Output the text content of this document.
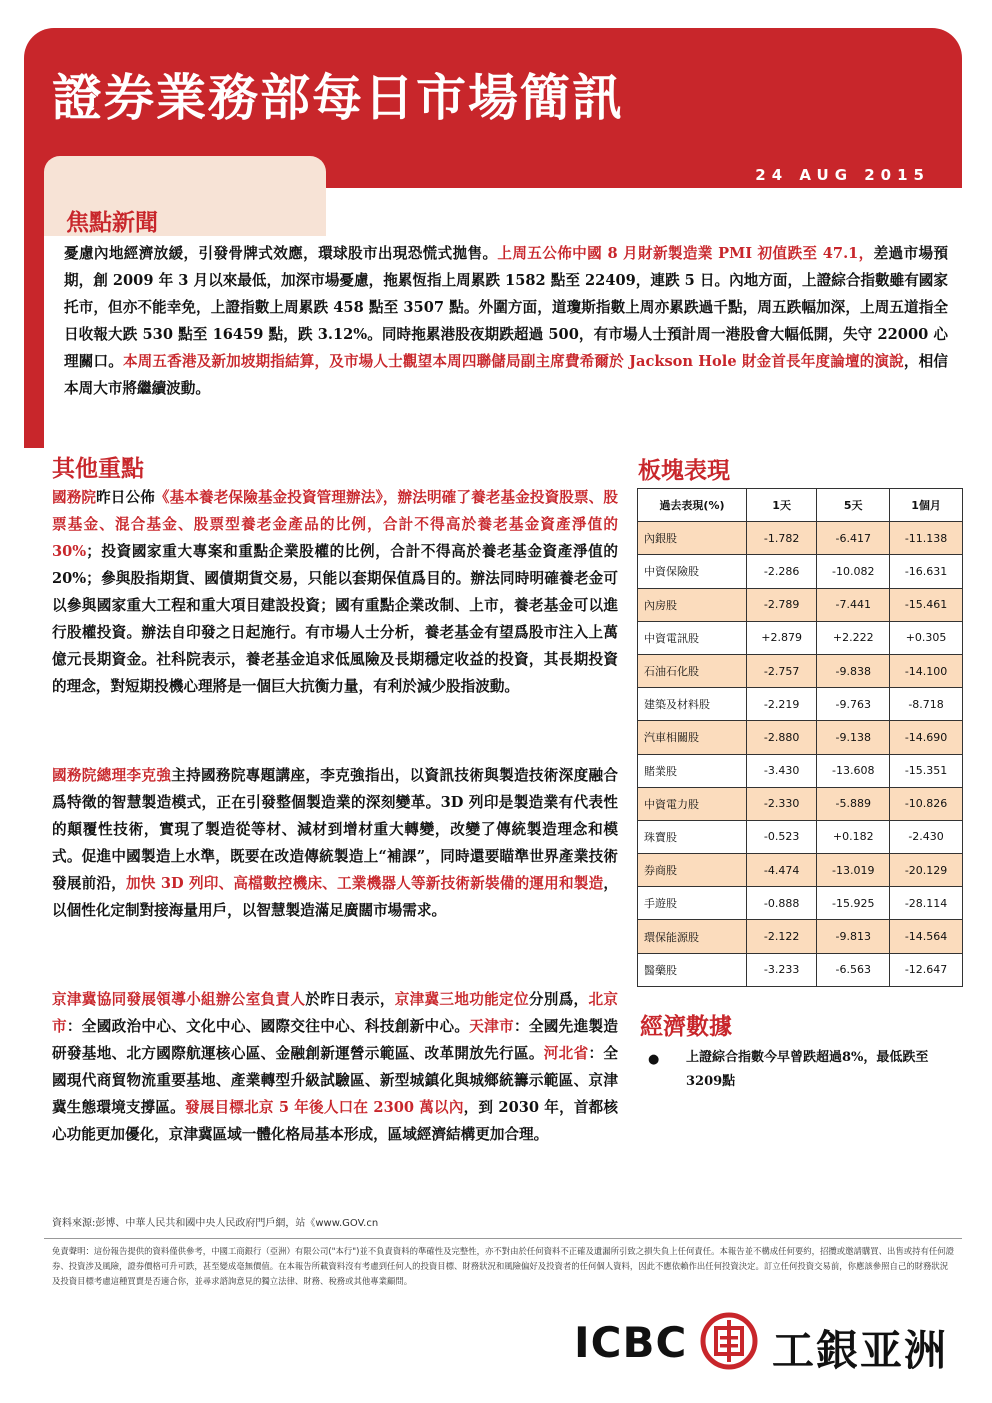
證券業務部每日市場簡訊
24 AUG 2015
焦點新聞
憂慮內地經濟放緩，引發骨牌式效應，環球股市出現恐慌式拋售。上周五公佈中國 8 月財新製造業 PMI 初值跌至 47.1，差過市場預期，創 2009 年 3 月以來最低，加深市場憂慮，拖累恆指上周累跌 1582 點至 22409，連跌 5 日。內地方面，上證綜合指數雖有國家托市，但亦不能幸免，上證指數上周累跌 458 點至 3507 點。外圍方面，道瓊斯指數上周亦累跌過千點，周五跌幅加深，上周五道指全日收報大跌 530 點至 16459 點，跌 3.12%。同時拖累港股夜期跌超過 500，有市場人士預計周一港股會大幅低開，失守 22000 心理關口。本周五香港及新加坡期指結算，及市場人士觀望本周四聯儲局副主席費希爾於 Jackson Hole 財金首長年度論壇的演說，相信本周大市將繼續波動。
其他重點
國務院昨日公佈《基本養老保險基金投資管理辦法》，辦法明確了養老基金投資股票、股票基金、混合基金、股票型養老金產品的比例，合計不得高於養老基金資產淨值的 30%；投資國家重大專案和重點企業股權的比例，合計不得高於養老基金資產淨值的 20%；參與股指期貨、國債期貨交易，只能以套期保值爲目的。辦法同時明確養老金可以參與國家重大工程和重大項目建設投資；國有重點企業改制、上市，養老基金可以進行股權投資。辦法自印發之日起施行。有市場人士分析，養老基金有望爲股市注入上萬億元長期資金。社科院表示，養老基金追求低風險及長期穩定收益的投資，其長期投資的理念，對短期投機心理將是一個巨大抗衡力量，有利於減少股指波動。
國務院總理李克強主持國務院專題講座，李克強指出，以資訊技術與製造技術深度融合爲特徵的智慧製造模式，正在引發整個製造業的深刻變革。3D 列印是製造業有代表性的顛覆性技術，實現了製造從等材、減材到增材重大轉變，改變了傳統製造理念和模式。促進中國製造上水準，既要在改造傳統製造上“補課”，同時還要瞄準世界產業技術發展前沿，加快 3D 列印、高檔數控機床、工業機器人等新技術新裝備的運用和製造，以個性化定制對接海量用戶，以智慧製造滿足廣闊市場需求。
京津冀協同發展領導小組辦公室負責人於昨日表示，京津冀三地功能定位分別爲，北京市：全國政治中心、文化中心、國際交往中心、科技創新中心。天津市：全國先進製造研發基地、北方國際航運核心區、金融創新運營示範區、改革開放先行區。河北省：全國現代商貿物流重要基地、產業轉型升級試驗區、新型城鎮化與城鄉統籌示範區、京津冀生態環境支撐區。發展目標北京 5 年後人口在 2300 萬以內，到 2030 年，首都核心功能更加優化，京津冀區域一體化格局基本形成，區域經濟結構更加合理。
板塊表現
過去表現(%)	1天	5天	1個月
內銀股	-1.782	-6.417	-11.138
中資保險股	-2.286	-10.082	-16.631
內房股	-2.789	-7.441	-15.461
中資電訊股	+2.879	+2.222	+0.305
石油石化股	-2.757	-9.838	-14.100
建築及材料股	-2.219	-9.763	-8.718
汽車相關股	-2.880	-9.138	-14.690
賭業股	-3.430	-13.608	-15.351
中資電力股	-2.330	-5.889	-10.826
珠寶股	-0.523	+0.182	-2.430
券商股	-4.474	-13.019	-20.129
手遊股	-0.888	-15.925	-28.114
環保能源股	-2.122	-9.813	-14.564
醫藥股	-3.233	-6.563	-12.647
經濟數據
● 上證綜合指數今早曾跌超過8%，最低跌至3209點
資料來源:彭博、中華人民共和國中央人民政府門戶網，站《www.GOV.cn
免責聲明：這份報告提供的資料僅供參考，中國工商銀行（亞洲）有限公司("本行")並不負責資料的準確性及完整性，亦不對由於任何資料不正確及遺漏所引致之損失負上任何責任。本報告並不構成任何要約，招攬或邀請購買、出售或持有任何證券、投資涉及風險，證券價格可升可跌，甚至變成毫無價值。在本報告所載資料沒有考慮到任何人的投資目標、財務狀況和風險偏好及投資者的任何個人資料，因此不應依賴作出任何投資決定。訂立任何投資交易前，你應該參照自己的財務狀況及投資目標考慮這種買賣是否適合你，並尋求諮詢意見的獨立法律、財務、稅務或其他專業顧問。
ICBC 工銀亚洲
